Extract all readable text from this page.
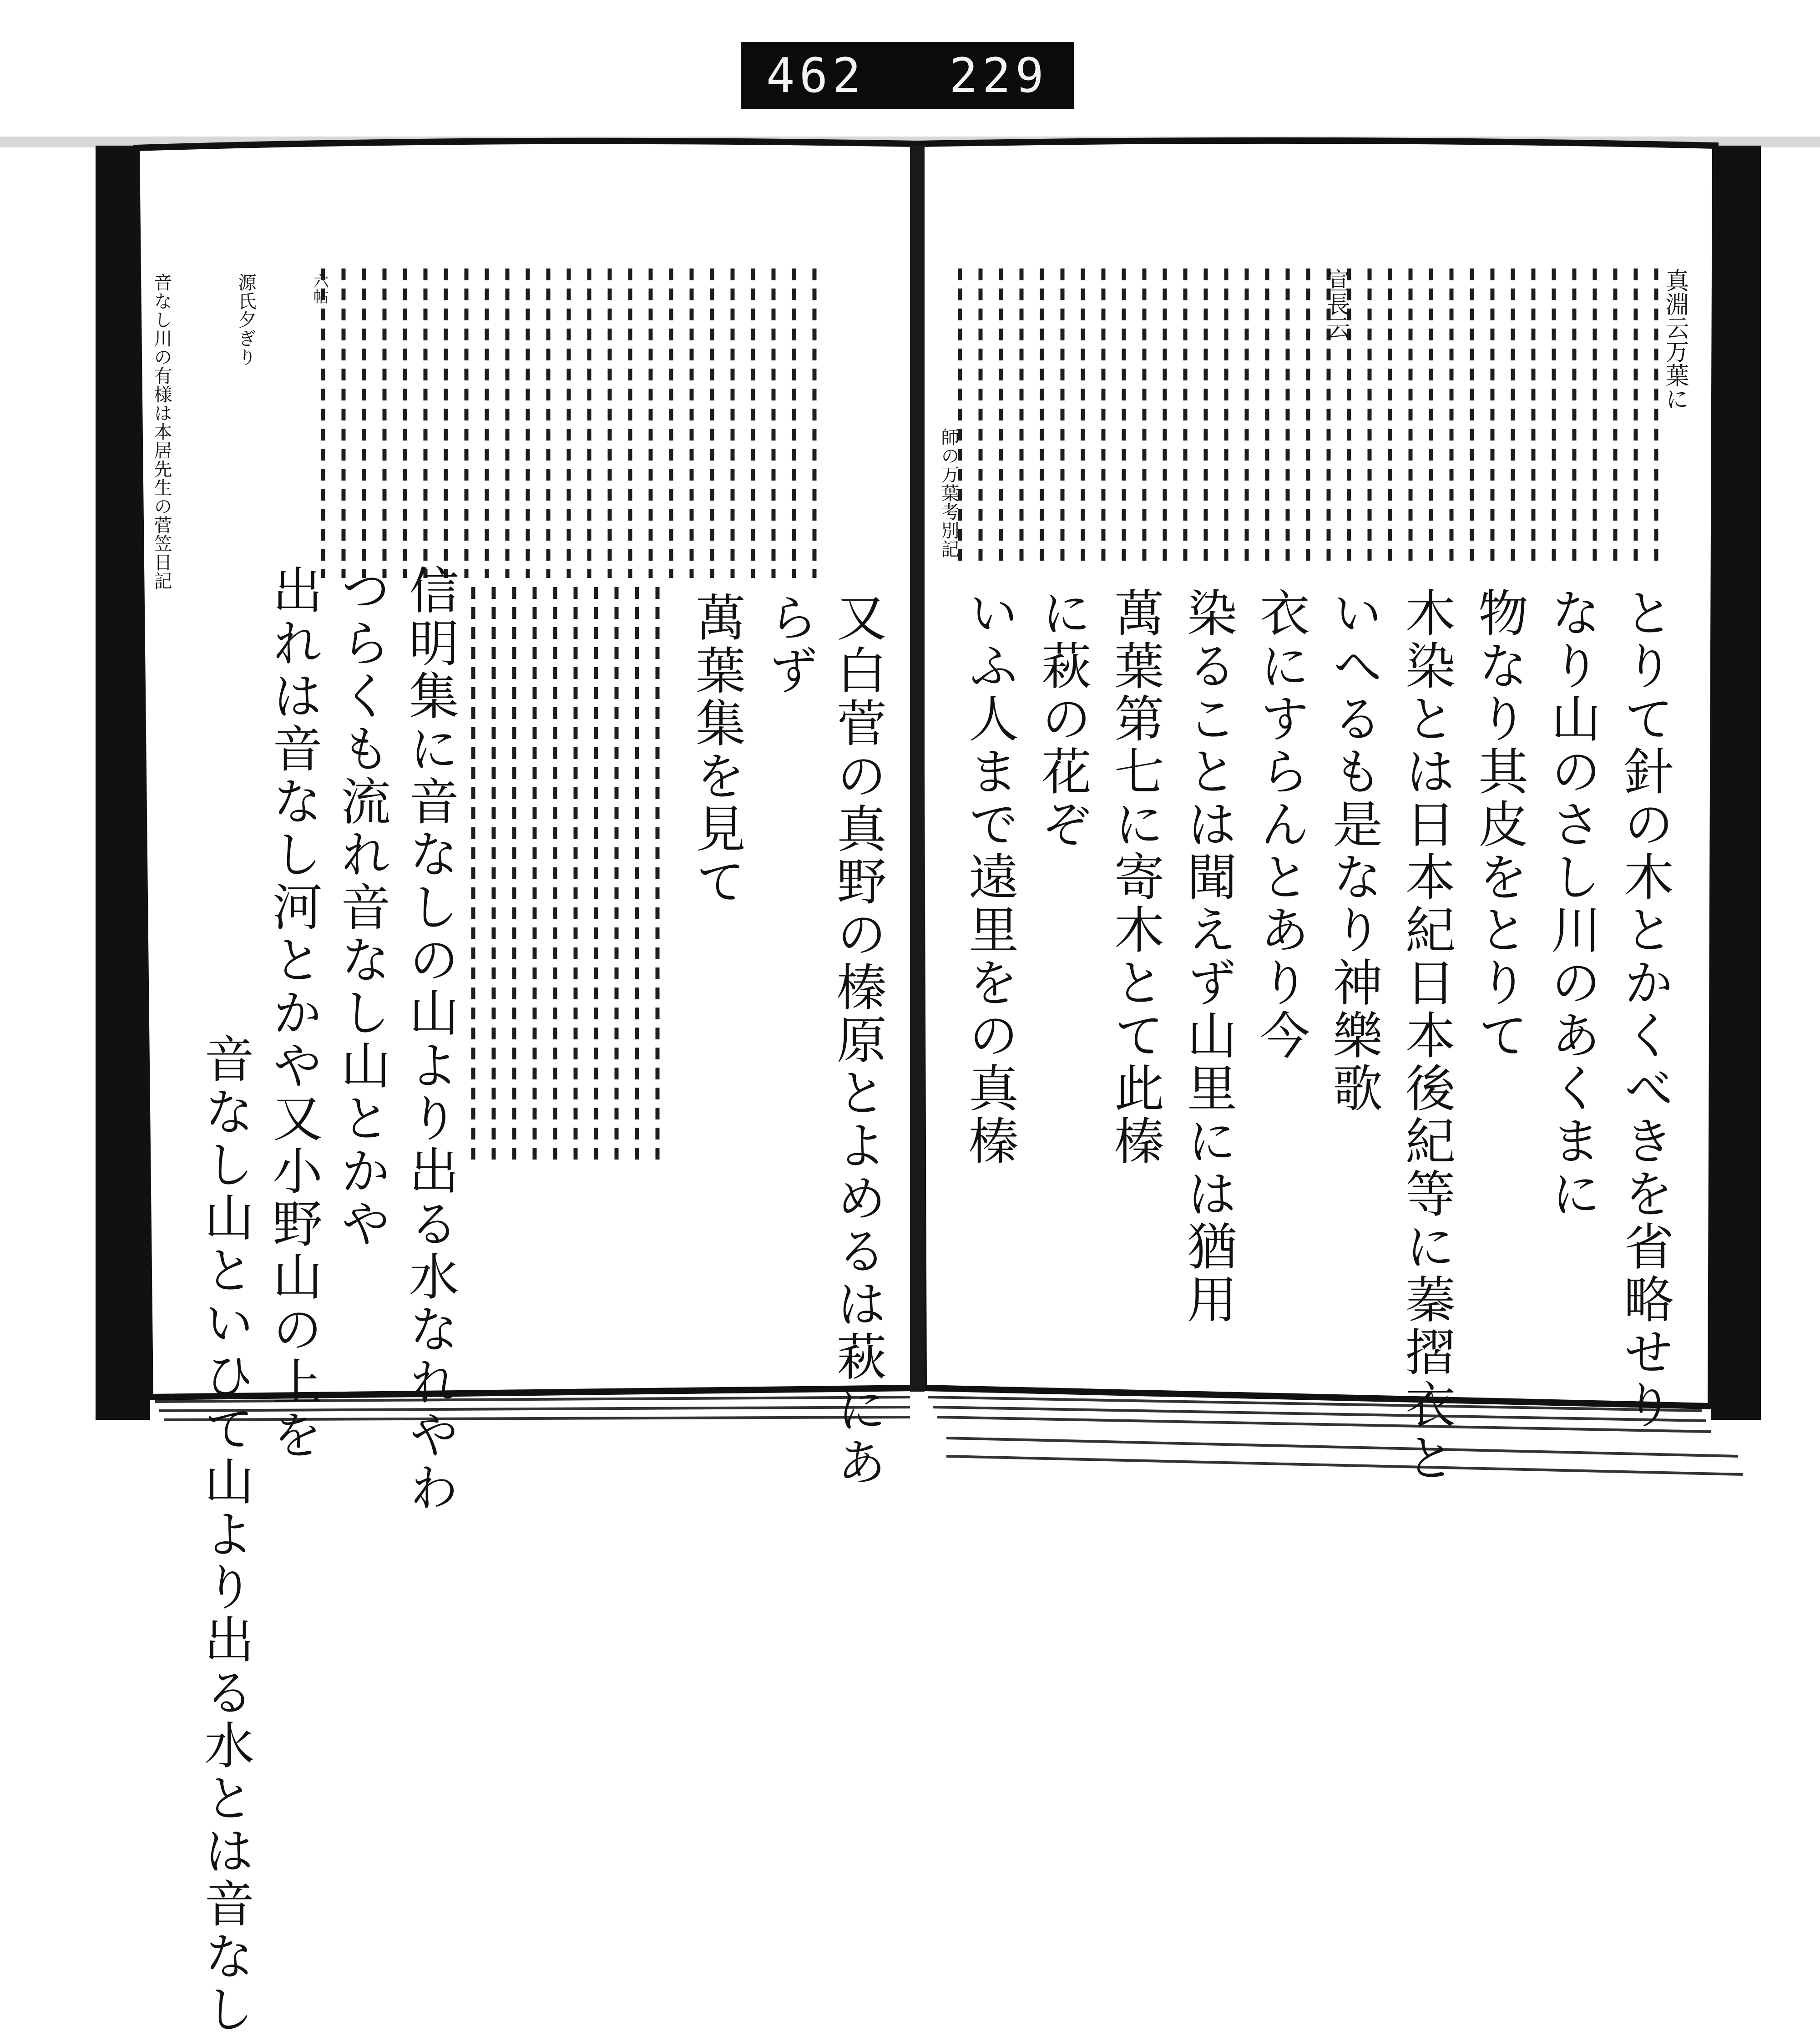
462 229
真淵云万葉に
宣長云
師の万葉考別記
とりて針の木とかくべきを省略せり
なり山のさし川のあくまに
物なり其皮をとりて
木染とは日本紀日本後紀等に蓁摺衣と
いへるも是なり神樂歌
衣にすらんとあり今
染ることは聞えず山里には猶用
萬葉第七に寄木とて此榛
に萩の花ぞ
いふ人まで遠里をの真榛
又白菅の真野の榛原とよめるは萩にあ
らず
萬葉集を見て
信明集に音なしの山より出る水なれやわ
つらくも流れ音なし山とかや
出れは音なし河とかや又小野山の上を
音なし山といひて山より出る水とは音なし
六帖
源氏夕ぎり
音なし川の有様は本居先生の菅笠日記
